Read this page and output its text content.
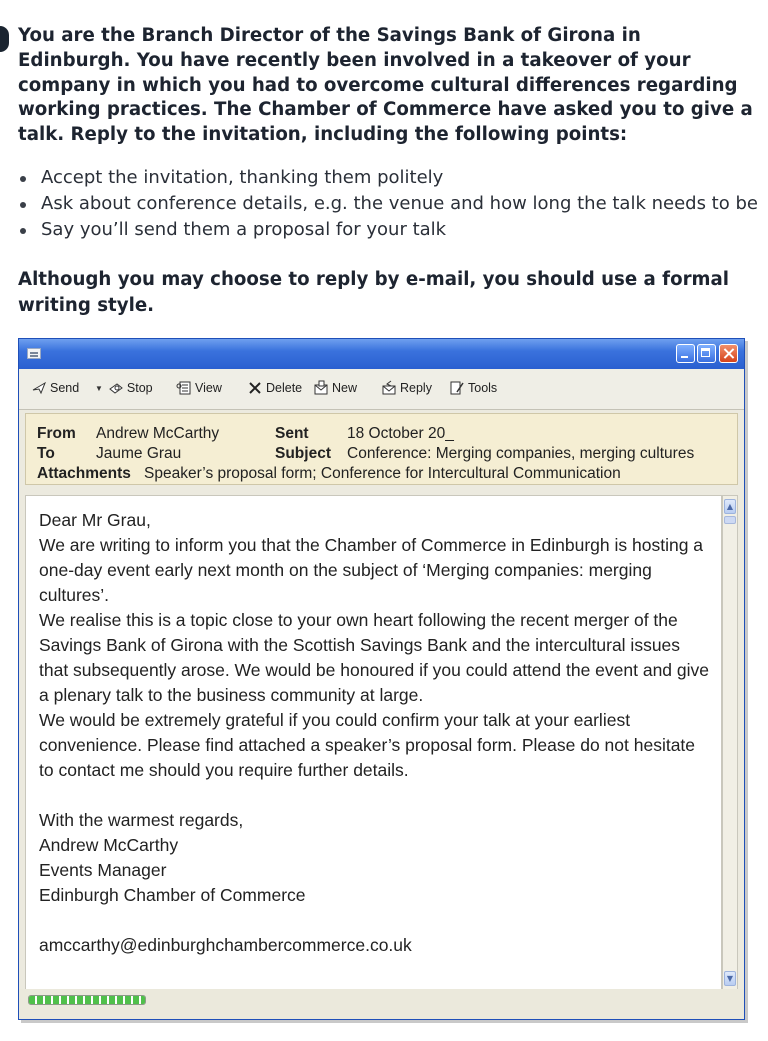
You are the Branch Director of the Savings Bank of Girona in Edinburgh. You have recently been involved in a takeover of your company in which you had to overcome cultural differences regarding working practices. The Chamber of Commerce have asked you to give a talk. Reply to the invitation, including the following points:
Accept the invitation, thanking them politely
Ask about conference details, e.g. the venue and how long the talk needs to be
Say you’ll send them a proposal for your talk
Although you may choose to reply by e-mail, you should use a formal writing style.
Send ▼ Stop	View	Delete New	Reply	Tools
From Andrew McCarthy	Sent 18 October 20_
To	Jaume Grau	Subject Conference: Merging companies, merging cultures
Attachments Speaker’s proposal form; Conference for Intercultural Communication

Dear Mr Grau,

We are writing to inform you that the Chamber of Commerce in Edinburgh is hosting a one-day event early next month on the subject of ‘Merging companies: merging cultures’.

We realise this is a topic close to your own heart following the recent merger of the Savings Bank of Girona with the Scottish Savings Bank and the intercultural issues that subsequently arose. We would be honoured if you could attend the event and give a plenary talk to the business community at large.

We would be extremely grateful if you could confirm your talk at your earliest convenience. Please find attached a speaker’s proposal form. Please do not hesitate to contact me should you require further details.

With the warmest regards,

Andrew McCarthy

Events Manager

Edinburgh Chamber of Commerce

amccarthy@edinburghchambercommerce.co.uk

▲
▼
